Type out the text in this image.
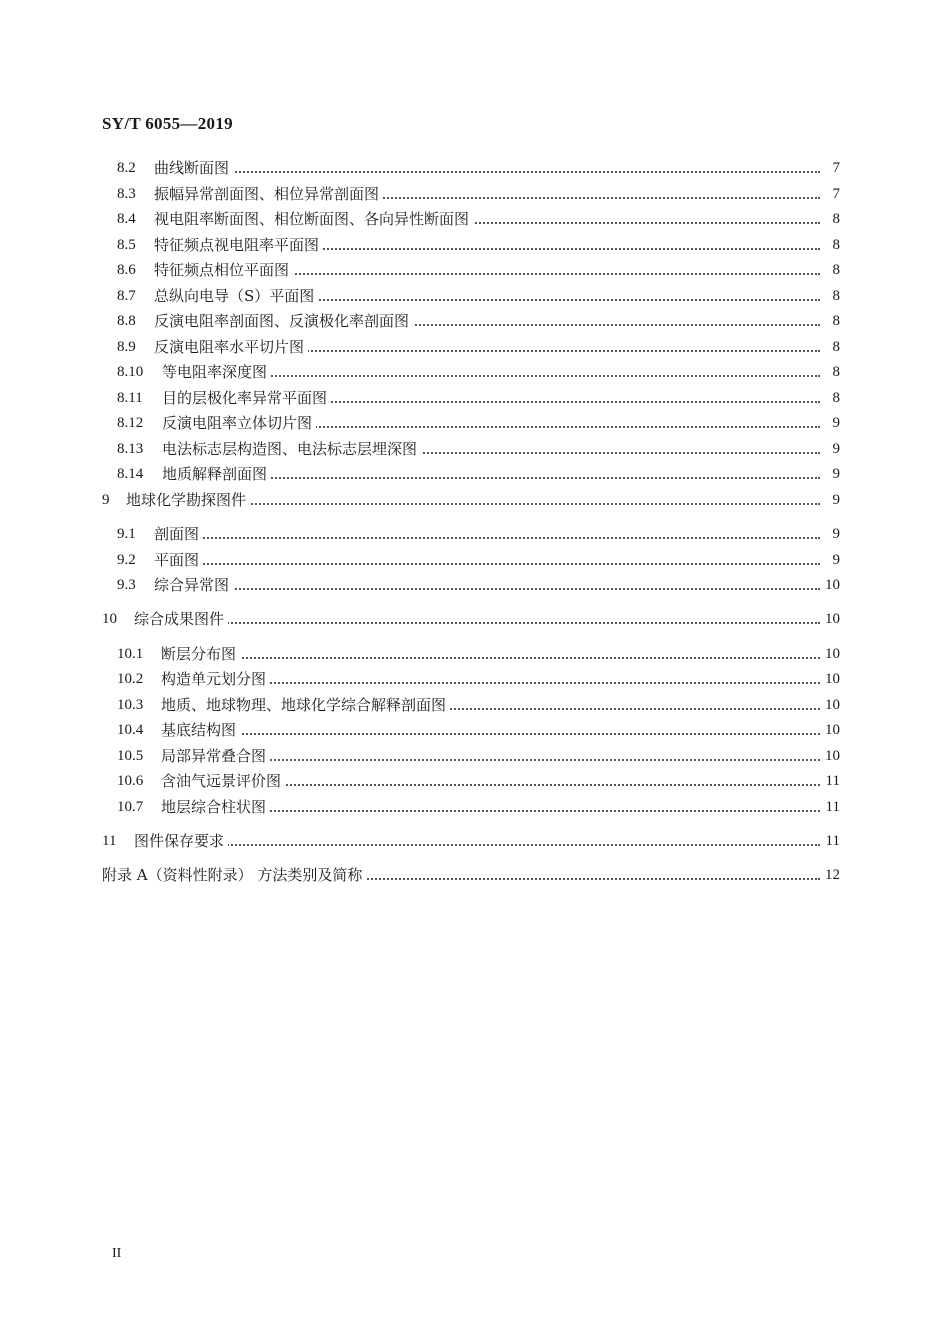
SY/T 6055—2019
8.2 曲线断面图	7
8.3 振幅异常剖面图、相位异常剖面图	7
8.4 视电阻率断面图、相位断面图、各向异性断面图	8
8.5 特征频点视电阻率平面图	8
8.6 特征频点相位平面图	8
8.7 总纵向电导（S）平面图	8
8.8 反演电阻率剖面图、反演极化率剖面图	8
8.9 反演电阻率水平切片图	8
8.10 等电阻率深度图	8
8.11 目的层极化率异常平面图	8
8.12 反演电阻率立体切片图	9
8.13 电法标志层构造图、电法标志层埋深图	9
8.14 地质解释剖面图	9
9 地球化学勘探图件	9
9.1 剖面图	9
9.2 平面图	9
9.3 综合异常图	10
10 综合成果图件	10
10.1 断层分布图	10
10.2 构造单元划分图	10
10.3 地质、地球物理、地球化学综合解释剖面图	10
10.4 基底结构图	10
10.5 局部异常叠合图	10
10.6 含油气远景评价图	11
10.7 地层综合柱状图	11
11 图件保存要求	11
附录 A（资料性附录） 方法类别及简称	12
II
